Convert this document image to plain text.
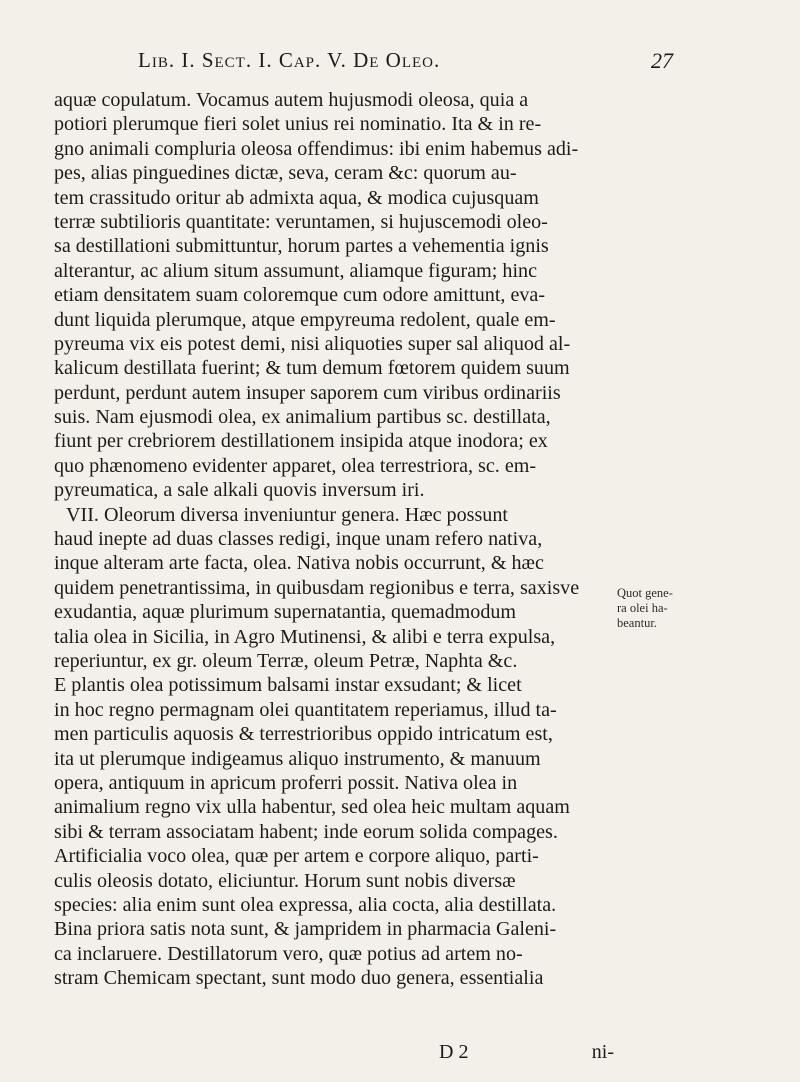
Lib. I. Sect. I. Cap. V. De Oleo.	27
aquæ copulatum. Vocamus autem hujusmodi oleosa, quia a
potiori plerumque fieri solet unius rei nominatio. Ita & in re-
gno animali compluria oleosa offendimus: ibi enim habemus adi-
pes, alias pinguedines dictæ, seva, ceram &c: quorum au-
tem crassitudo oritur ab admixta aqua, & modica cujusquam
terræ subtilioris quantitate: veruntamen, si hujuscemodi oleo-
sa destillationi submittuntur, horum partes a vehementia ignis
alterantur, ac alium situm assumunt, aliamque figuram; hinc
etiam densitatem suam coloremque cum odore amittunt, eva-
dunt liquida plerumque, atque empyreuma redolent, quale em-
pyreuma vix eis potest demi, nisi aliquoties super sal aliquod al-
kalicum destillata fuerint; & tum demum fœtorem quidem suum
perdunt, perdunt autem insuper saporem cum viribus ordinariis
suis. Nam ejusmodi olea, ex animalium partibus sc. destillata,
fiunt per crebriorem destillationem insipida atque inodora; ex
quo phænomeno evidenter apparet, olea terrestriora, sc. em-
pyreumatica, a sale alkali quovis inversum iri.
VII. Oleorum diversa inveniuntur genera. Hæc possunt
haud inepte ad duas classes redigi, inque unam refero nativa,
inque alteram arte facta, olea. Nativa nobis occurrunt, & hæc
quidem penetrantissima, in quibusdam regionibus e terra, saxisve
exudantia, aquæ plurimum supernatantia, quemadmodum
talia olea in Sicilia, in Agro Mutinensi, & alibi e terra expulsa,
reperiuntur, ex gr. oleum Terræ, oleum Petræ, Naphta &c.
E plantis olea potissimum balsami instar exsudant; & licet
in hoc regno permagnam olei quantitatem reperiamus, illud ta-
men particulis aquosis & terrestrioribus oppido intricatum est,
ita ut plerumque indigeamus aliquo instrumento, & manuum
opera, antiquum in apricum proferri possit. Nativa olea in
animalium regno vix ulla habentur, sed olea heic multam aquam
sibi & terram associatam habent; inde eorum solida compages.
Artificialia voco olea, quæ per artem e corpore aliquo, parti-
culis oleosis dotato, eliciuntur. Horum sunt nobis diversæ
species: alia enim sunt olea expressa, alia cocta, alia destillata.
Bina priora satis nota sunt, & jampridem in pharmacia Galeni-
ca inclaruere. Destillatorum vero, quæ potius ad artem no-
stram Chemicam spectant, sunt modo duo genera, essentialia
D 2	ni-
Quot gene-
ra olei ha-
beantur.
